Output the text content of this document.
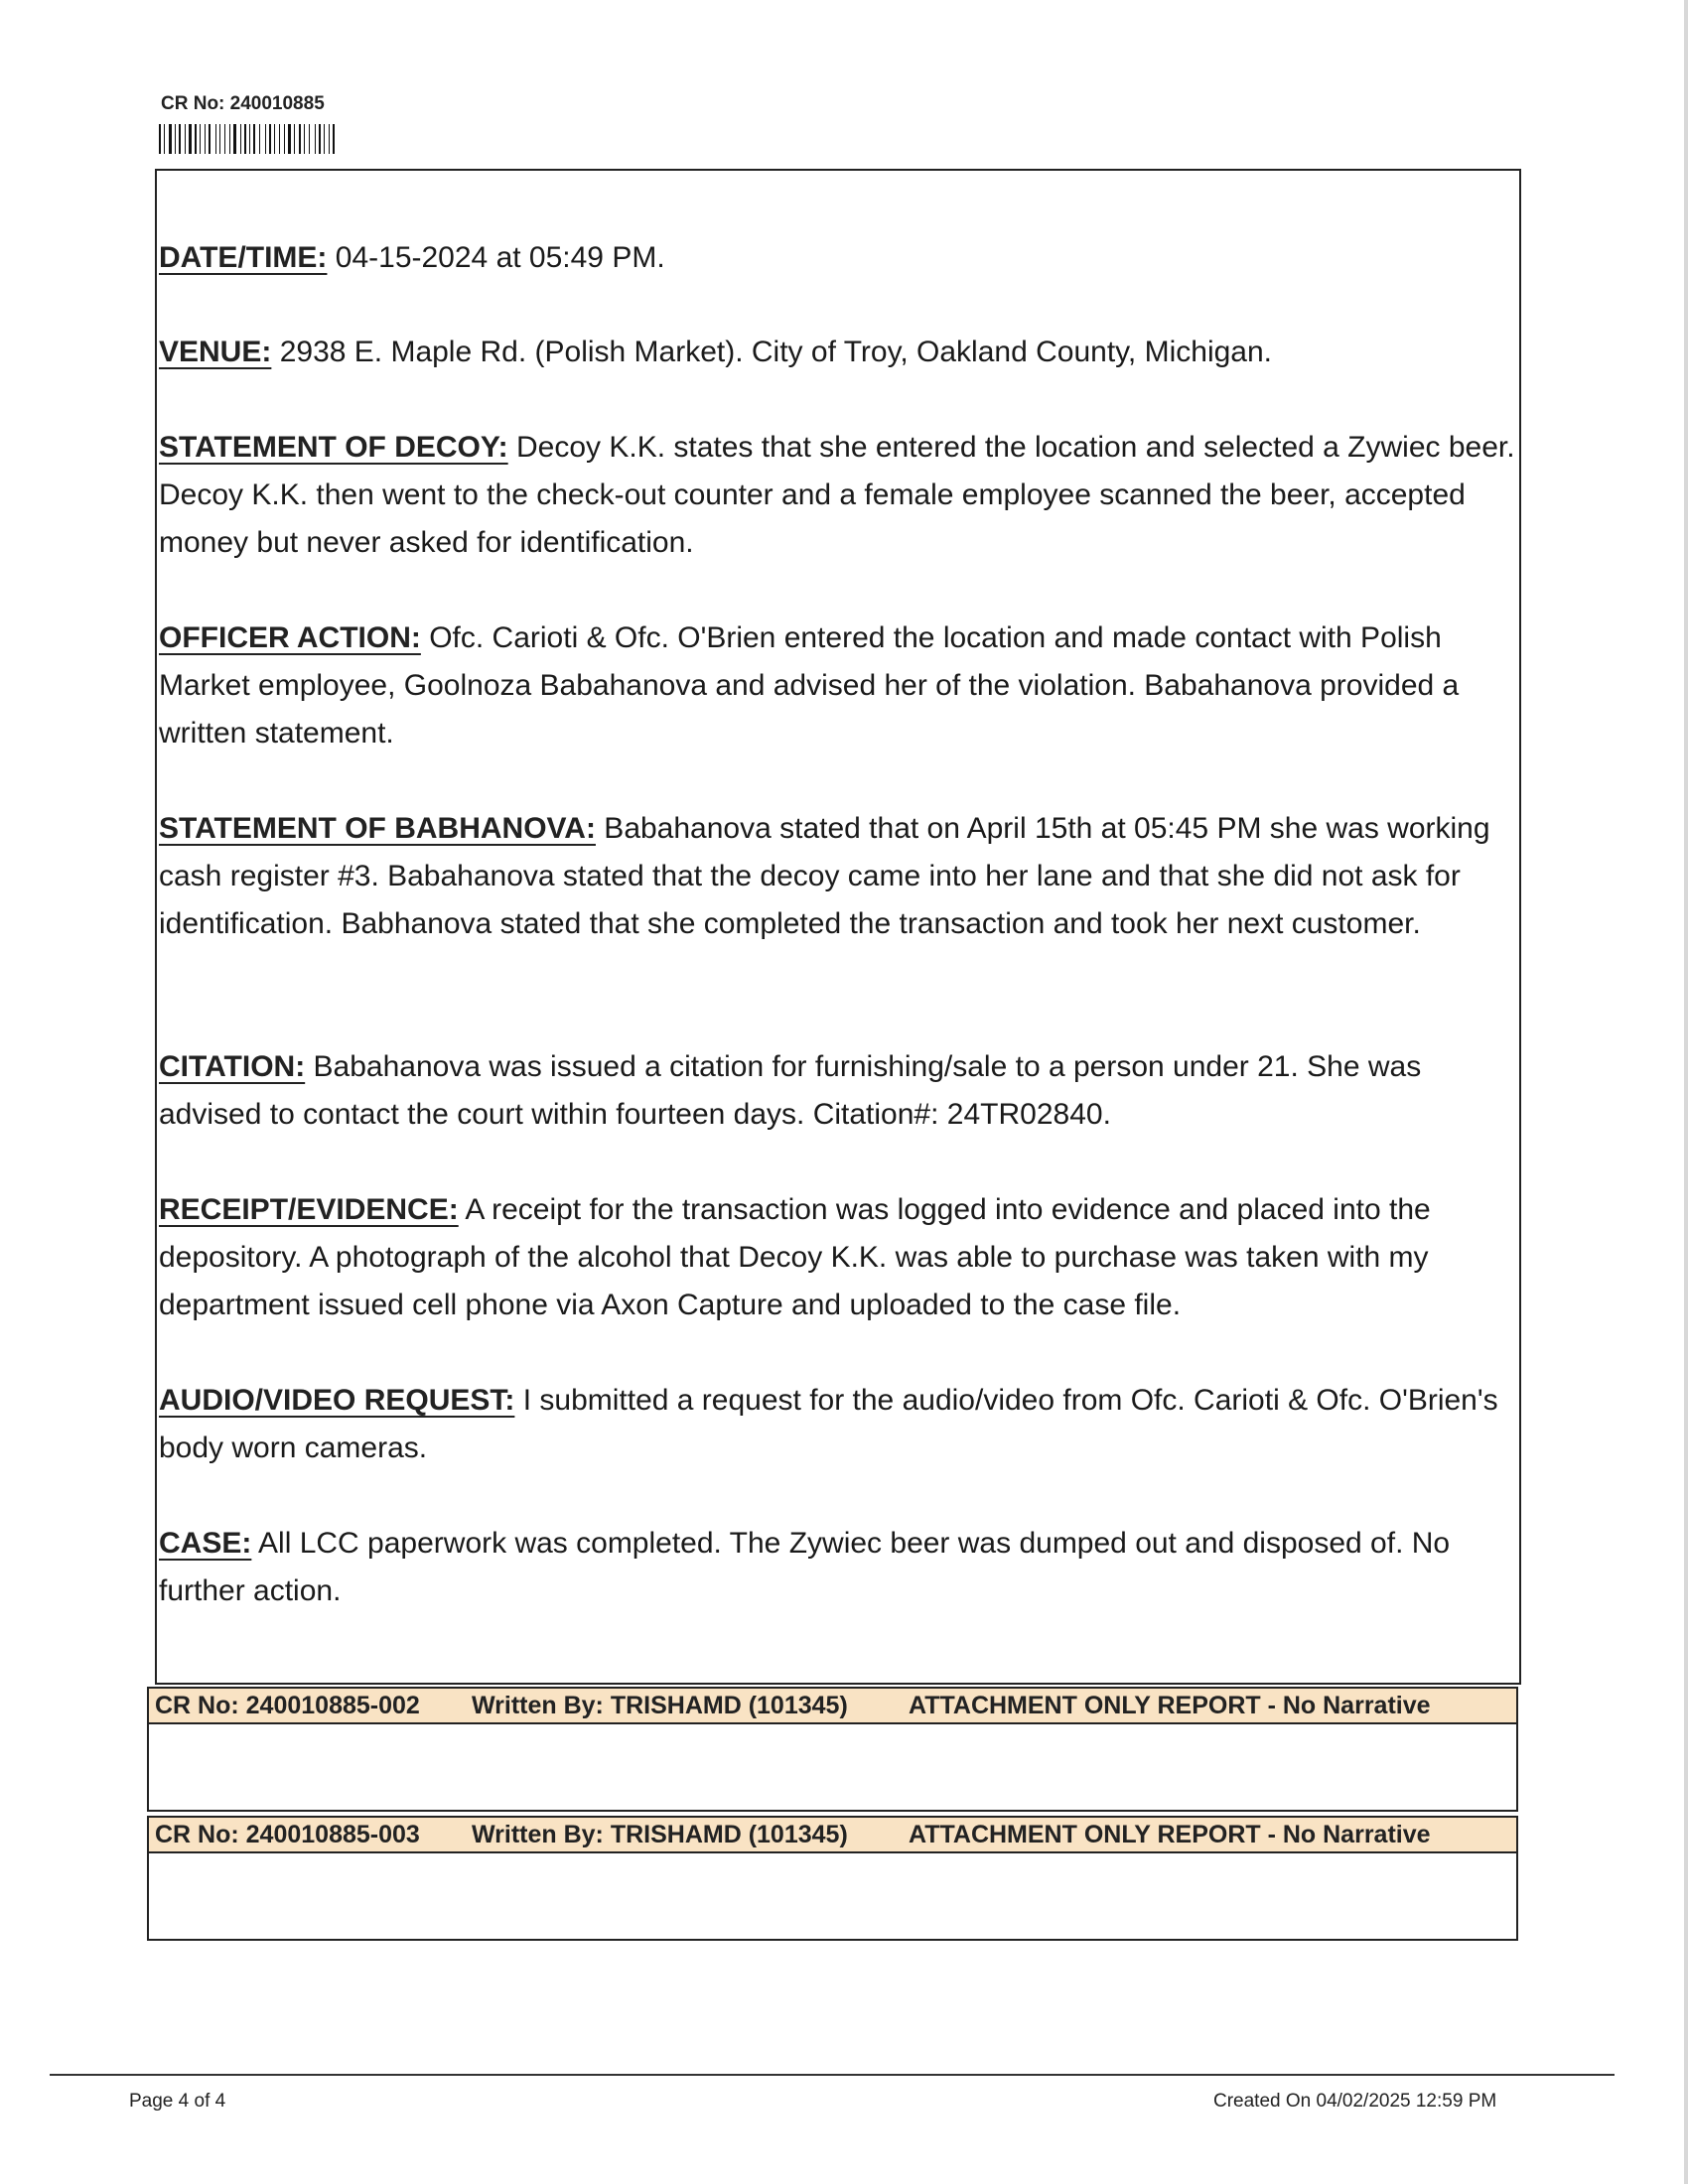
CR No: 240010885
DATE/TIME: 04-15-2024 at 05:49 PM.
VENUE: 2938 E. Maple Rd. (Polish Market). City of Troy, Oakland County, Michigan.
STATEMENT OF DECOY: Decoy K.K. states that she entered the location and selected a Zywiec beer. Decoy K.K. then went to the check-out counter and a female employee scanned the beer, accepted money but never asked for identification.
OFFICER ACTION: Ofc. Carioti & Ofc. O'Brien entered the location and made contact with Polish Market employee, Goolnoza Babahanova and advised her of the violation. Babahanova provided a written statement.
STATEMENT OF BABHANOVA: Babahanova stated that on April 15th at 05:45 PM she was working cash register #3. Babahanova stated that the decoy came into her lane and that she did not ask for identification. Babhanova stated that she completed the transaction and took her next customer.
CITATION: Babahanova was issued a citation for furnishing/sale to a person under 21. She was advised to contact the court within fourteen days. Citation#: 24TR02840.
RECEIPT/EVIDENCE: A receipt for the transaction was logged into evidence and placed into the depository. A photograph of the alcohol that Decoy K.K. was able to purchase was taken with my department issued cell phone via Axon Capture and uploaded to the case file.
AUDIO/VIDEO REQUEST: I submitted a request for the audio/video from Ofc. Carioti & Ofc. O'Brien's body worn cameras.
CASE: All LCC paperwork was completed. The Zywiec beer was dumped out and disposed of. No further action.
CR No: 240010885-002 Written By: TRISHAMD (101345) ATTACHMENT ONLY REPORT - No Narrative
CR No: 240010885-003 Written By: TRISHAMD (101345) ATTACHMENT ONLY REPORT - No Narrative
Page 4 of 4	Created On 04/02/2025 12:59 PM
